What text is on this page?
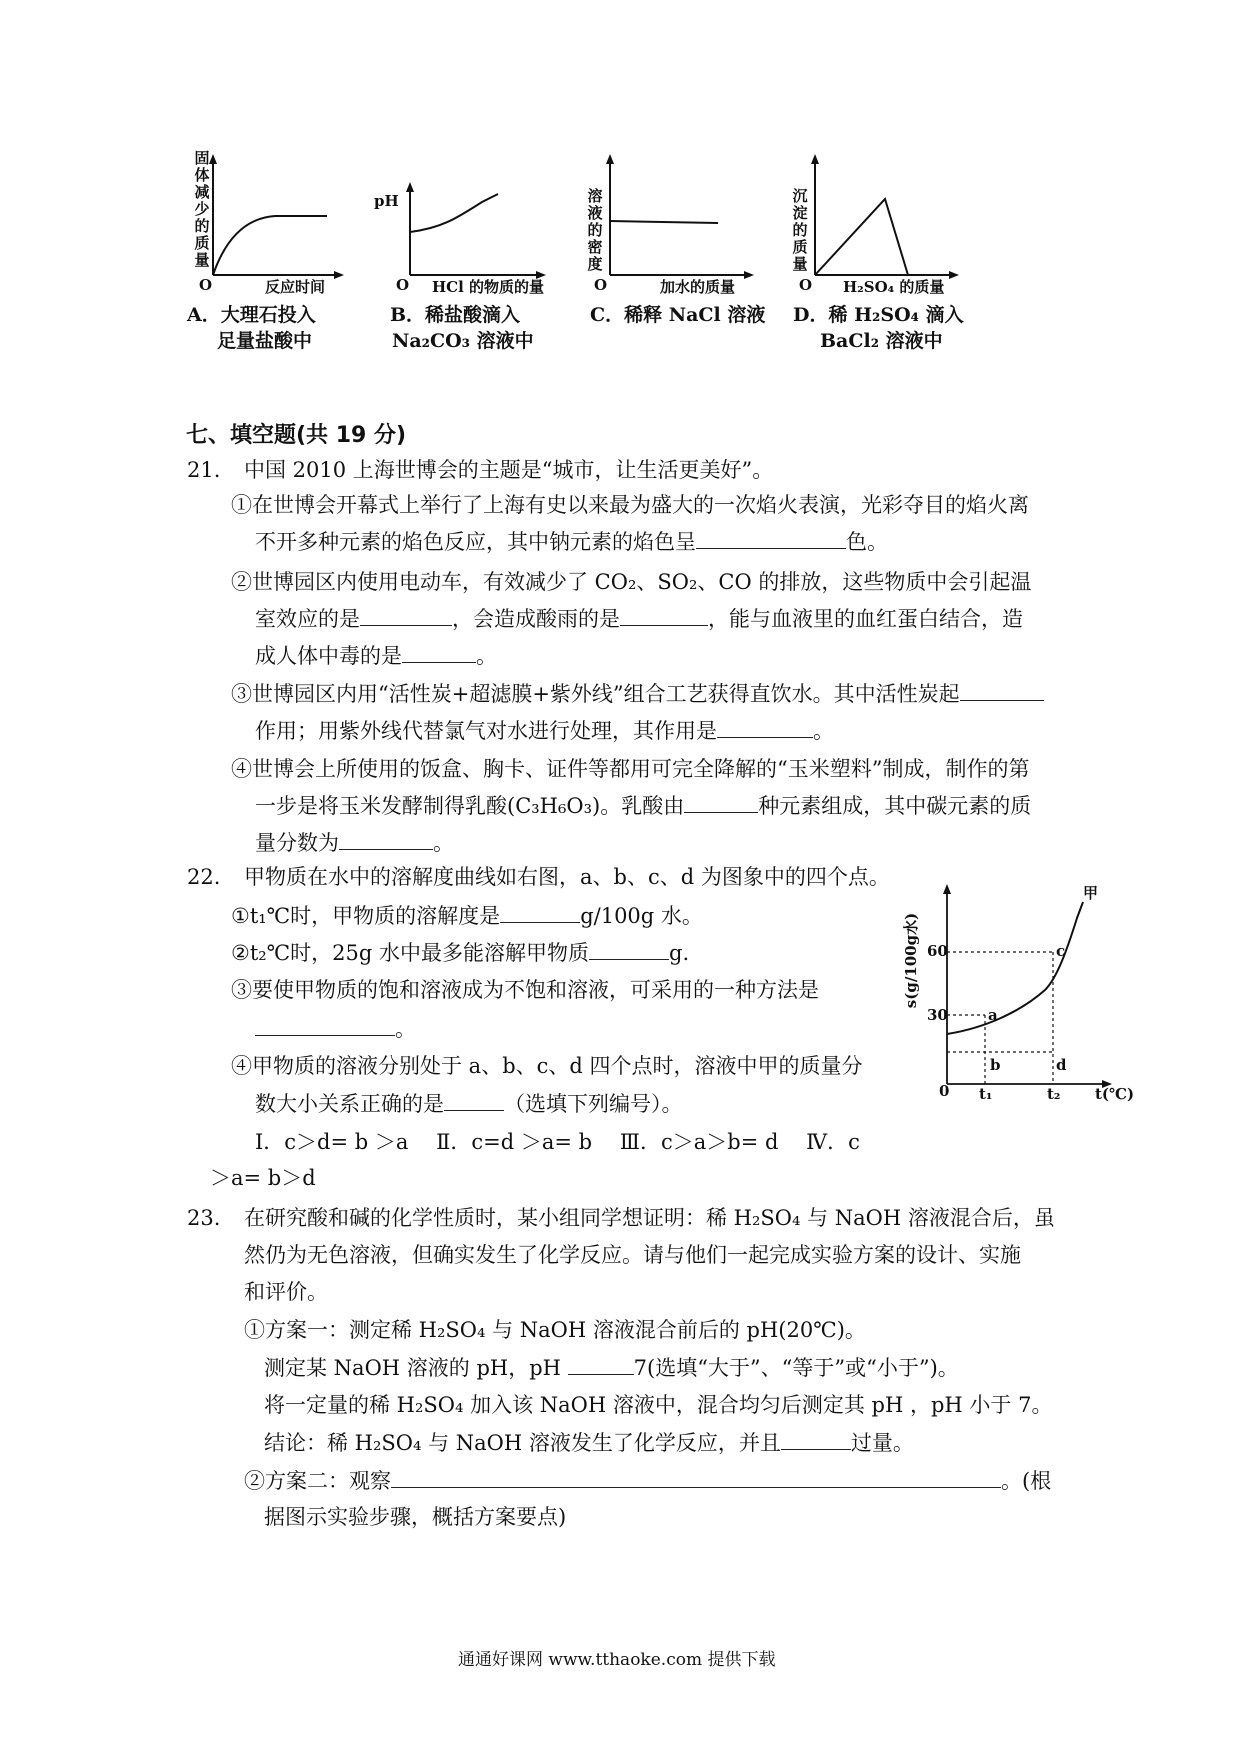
固体减少的质量
O	反应时间
A．大理石投入
足量盐酸中
pH
O HCl 的物质的量
B．稀盐酸滴入
Na₂CO₃ 溶液中
溶液的密度
O	加水的质量
C．稀释 NaCl 溶液
沉淀的质量
O H₂SO₄ 的质量
D．稀 H₂SO₄ 滴入
BaCl₂ 溶液中
七、填空题(共 19 分)
21. 中国 2010 上海世博会的主题是“城市，让生活更美好”。
①在世博会开幕式上举行了上海有史以来最为盛大的一次焰火表演，光彩夺目的焰火离
不开多种元素的焰色反应，其中钠元素的焰色呈	色。
②世博园区内使用电动车，有效减少了 CO₂、SO₂、CO 的排放，这些物质中会引起温
室效应的是	，会造成酸雨的是	，能与血液里的血红蛋白结合，造
成人体中毒的是	。
③世博园区内用“活性炭+超滤膜+紫外线”组合工艺获得直饮水。其中活性炭起
作用；用紫外线代替氯气对水进行处理，其作用是	。
④世博会上所使用的饭盒、胸卡、证件等都用可完全降解的“玉米塑料”制成，制作的第
一步是将玉米发酵制得乳酸(C₃H₆O₃)。乳酸由	种元素组成，其中碳元素的质
量分数为	。
22. 甲物质在水中的溶解度曲线如右图，a、b、c、d 为图象中的四个点。
①t₁℃时，甲物质的溶解度是	g/100g 水。
②t₂℃时，25g 水中最多能溶解甲物质	g.
③要使甲物质的饱和溶液成为不饱和溶液，可采用的一种方法是
。
④甲物质的溶液分别处于 a、b、c、d 四个点时，溶液中甲的质量分
数大小关系正确的是	（选填下列编号）。
I．c＞d= b ＞a　 Ⅱ．c=d ＞a= b　 Ⅲ．c＞a＞b= d　 Ⅳ．c
＞a= b＞d
甲
s(g/100g水) 60
30	a
b
c
d
0 t₁	t₂ t(℃)
23. 在研究酸和碱的化学性质时，某小组同学想证明：稀 H₂SO₄ 与 NaOH 溶液混合后，虽
然仍为无色溶液，但确实发生了化学反应。请与他们一起完成实验方案的设计、实施
和评价。
①方案一：测定稀 H₂SO₄ 与 NaOH 溶液混合前后的 pH(20℃)。
测定某 NaOH 溶液的 pH，pH	7(选填“大于”、“等于”或“小于”)。
将一定量的稀 H₂SO₄ 加入该 NaOH 溶液中，混合均匀后测定其 pH ，pH 小于 7。
结论：稀 H₂SO₄ 与 NaOH 溶液发生了化学反应，并且	过量。
②方案二：观察	。(根
据图示实验步骤，概括方案要点)
通通好课网 www.tthaoke.com 提供下载
